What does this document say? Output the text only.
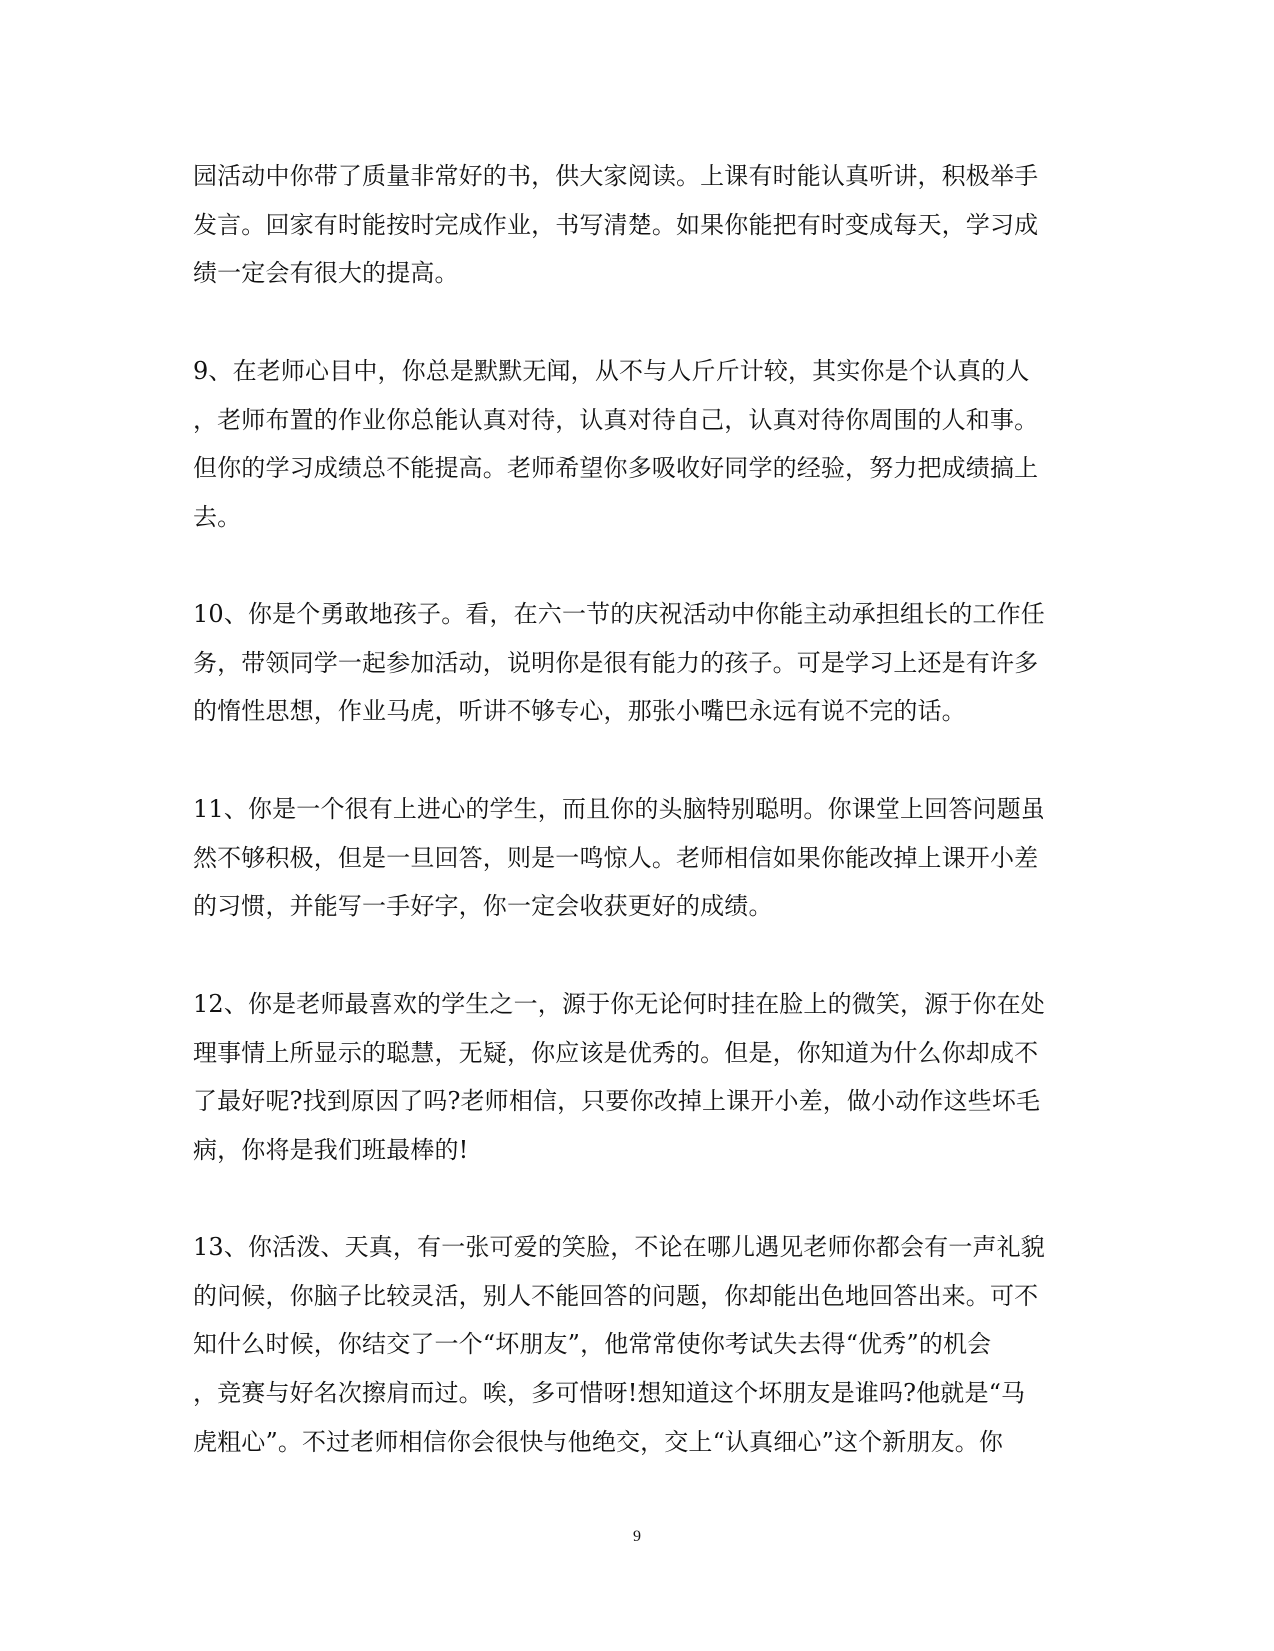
园活动中你带了质量非常好的书，供大家阅读。上课有时能认真听讲，积极举手
发言。回家有时能按时完成作业，书写清楚。如果你能把有时变成每天，学习成
绩一定会有很大的提高。
9、在老师心目中，你总是默默无闻，从不与人斤斤计较，其实你是个认真的人
，老师布置的作业你总能认真对待，认真对待自己，认真对待你周围的人和事。
但你的学习成绩总不能提高。老师希望你多吸收好同学的经验，努力把成绩搞上
去。
10、你是个勇敢地孩子。看，在六一节的庆祝活动中你能主动承担组长的工作任
务，带领同学一起参加活动，说明你是很有能力的孩子。可是学习上还是有许多
的惰性思想，作业马虎，听讲不够专心，那张小嘴巴永远有说不完的话。
11、你是一个很有上进心的学生，而且你的头脑特别聪明。你课堂上回答问题虽
然不够积极，但是一旦回答，则是一鸣惊人。老师相信如果你能改掉上课开小差
的习惯，并能写一手好字，你一定会收获更好的成绩。
12、你是老师最喜欢的学生之一，源于你无论何时挂在脸上的微笑，源于你在处
理事情上所显示的聪慧，无疑，你应该是优秀的。但是，你知道为什么你却成不
了最好呢?找到原因了吗?老师相信，只要你改掉上课开小差，做小动作这些坏毛
病，你将是我们班最棒的!
13、你活泼、天真，有一张可爱的笑脸，不论在哪儿遇见老师你都会有一声礼貌
的问候，你脑子比较灵活，别人不能回答的问题，你却能出色地回答出来。可不
知什么时候，你结交了一个“坏朋友”，他常常使你考试失去得“优秀”的机会
，竞赛与好名次擦肩而过。唉，多可惜呀!想知道这个坏朋友是谁吗?他就是“马
虎粗心”。不过老师相信你会很快与他绝交，交上“认真细心”这个新朋友。你
9
